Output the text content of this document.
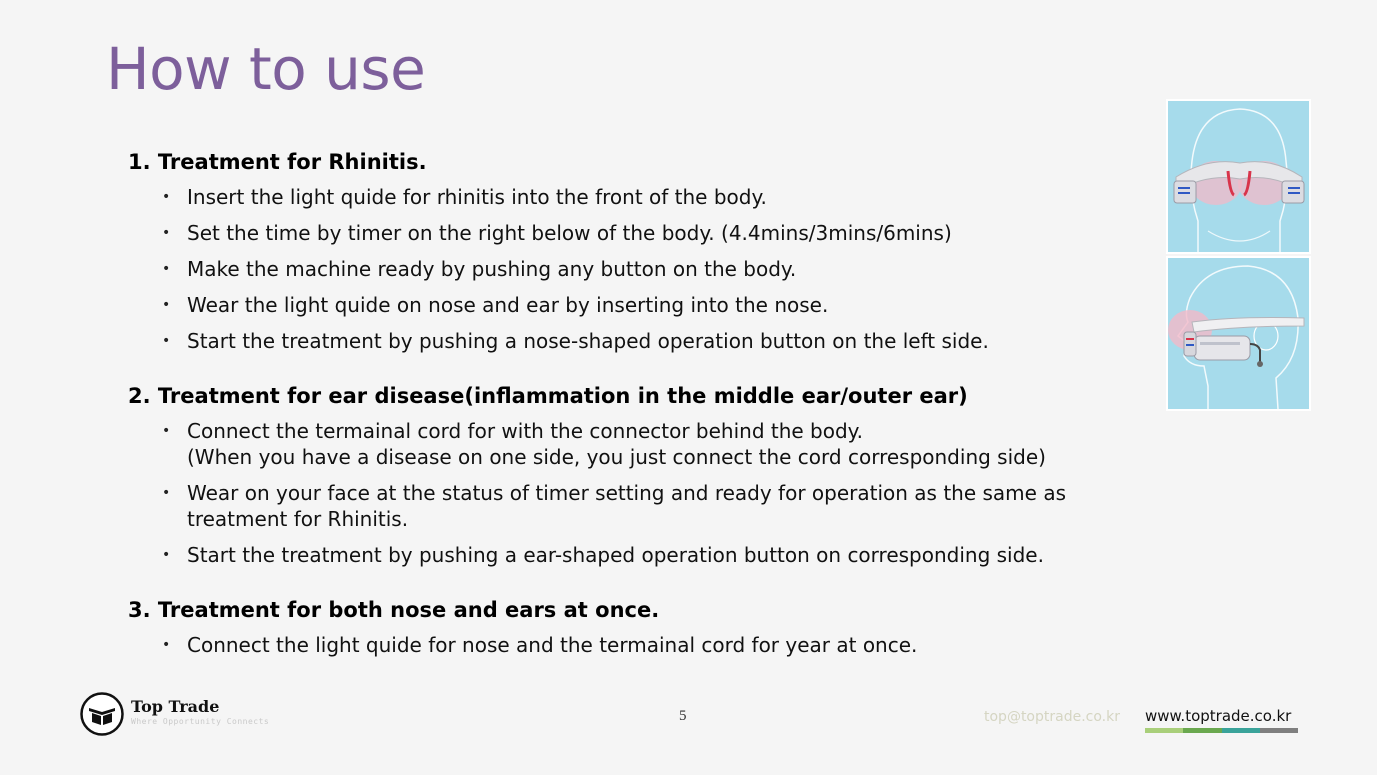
How to use
1. Treatment for Rhinitis.
• Insert the light quide for rhinitis into the front of the body.
• Set the time by timer on the right below of the body. (4.4mins/3mins/6mins)
• Make the machine ready by pushing any button on the body.
• Wear the light quide on nose and ear by inserting into the nose.
• Start the treatment by pushing a nose-shaped operation button on the left side.
2. Treatment for ear disease(inflammation in the middle ear/outer ear)
• Connect the termainal cord for with the connector behind the body.
(When you have a disease on one side, you just connect the cord corresponding side)
• Wear on your face at the status of timer setting and ready for operation as the same as
treatment for Rhinitis.
• Start the treatment by pushing a ear-shaped operation button on corresponding side.
3. Treatment for both nose and ears at once.
• Connect the light quide for nose and the termainal cord for year at once.
Top Trade
Where Opportunity Connects	5	top@toptrade.co.kr www.toptrade.co.kr
